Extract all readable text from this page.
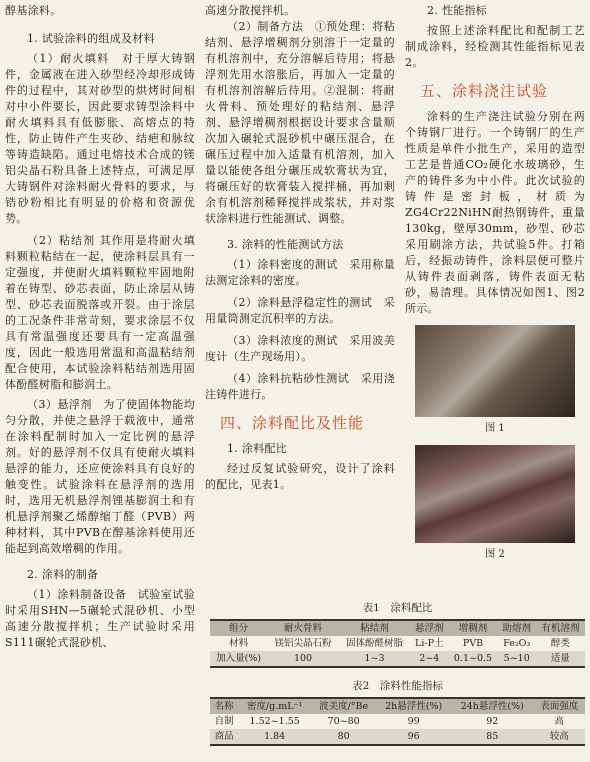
醇基涂料。

1. 试验涂料的组成及材料

（1）耐火填料　对于厚大铸钢件，金属液在进入砂型经冷却形成铸件的过程中，其对砂型的烘烤时间相对中小件要长，因此要求铸型涂料中耐火填料具有低膨胀、高熔点的特性，防止铸件产生夹砂、结疤和脉纹等铸造缺陷。通过电熔技术合成的镁铝尖晶石粉具备上述特点，可满足厚大铸钢件对涂料耐火骨料的要求，与锆砂粉相比有明显的价格和资源优势。

（2）粘结剂 其作用是将耐火填料颗粒粘结在一起，使涂料层具有一定强度，并使耐火填料颗粒牢固地附着在铸型、砂芯表面，防止涂层从铸型、砂芯表面脱落或开裂。由于涂层的工况条件非常苛刻，要求涂层不仅具有常温强度还要具有一定高温强度，因此一般选用常温和高温粘结剂配合使用，本试验涂料粘结剂选用固体酚醛树脂和膨润土。

（3）悬浮剂　为了使固体物能均匀分散，并使之悬浮于载液中，通常在涂料配制时加入一定比例的悬浮剂。好的悬浮剂不仅具有使耐火填料悬浮的能力，还应使涂料具有良好的触变性。试验涂料在悬浮剂的选用时，选用无机悬浮剂锂基膨润土和有机悬浮剂聚乙烯醇缩丁醛（PVB）两种材料，其中PVB在醇基涂料使用还能起到高效增稠的作用。

2. 涂料的制备

（1）涂料制备设备　试验室试验时采用SHN—5碾轮式混砂机、小型高速分散搅拌机；生产试验时采用S111碾轮式混砂机、

高速分散搅拌机。

（2）制备方法　①预处理：将粘结剂、悬浮增稠剂分别溶于一定量的有机溶剂中，充分溶解后待用；将悬浮剂先用水溶胀后，再加入一定量的有机溶剂溶解后待用。②混制：将耐火骨料、预处理好的粘结剂、悬浮剂、悬浮增稠剂根据设计要求含量顺次加入碾轮式混砂机中碾压混合，在碾压过程中加入适量有机溶剂，加入量以能使各组分碾压成软膏状为宜，将碾压好的软膏装入搅拌桶，再加剩余有机溶剂稀释搅拌成浆状，并对浆状涂料进行性能测试、调整。

3. 涂料的性能测试方法

（1）涂料密度的测试　采用称量法测定涂料的密度。

（2）涂料悬浮稳定性的测试　采用量筒测定沉积率的方法。

（3）涂料浓度的测试　采用波美度计（生产现场用）。

（4）涂料抗粘砂性测试　采用浇注铸件进行。

四、涂料配比及性能

1. 涂料配比

经过反复试验研究，设计了涂料的配比，见表1。

2. 性能指标

按照上述涂料配比和配制工艺制成涂料，经检测其性能指标见表2。

五、涂料浇注试验

涂料的生产浇注试验分别在两个铸钢厂进行。一个铸钢厂的生产性质是单件小批生产，采用的造型工艺是普通CO₂硬化水玻璃砂，生产的铸件多为中小件。此次试验的铸件是密封板，材质为ZG4Cr22NiHN耐热钢铸件，重量130kg，壁厚30mm，砂型、砂芯采用刷涂方法，共试验5件。打箱后，经振动铸件，涂料层便可整片从铸件表面剥落，铸件表面无粘砂，易清理。具体情况如图1、图2所示。

图 1
图 2
表1　涂料配比
组分	耐火骨料	粘结剂	悬浮剂	增稠剂	助熔剂	有机溶剂
材料	镁铝尖晶石粉	固体酚醛树脂	Li-P土	PVB	Fe₂O₃	醇类
加入量(%)	100	1~3	2~4	0.1~0.5	5~10	适量
表2　涂料性能指标
名称	密度/g.mL⁻¹	波美度/°Be	2h悬浮性(%)	24h悬浮性(%)	表面强度
自制	1.52~1.55	70~80	99	92	高
商品	1.84	80	96	85	较高
